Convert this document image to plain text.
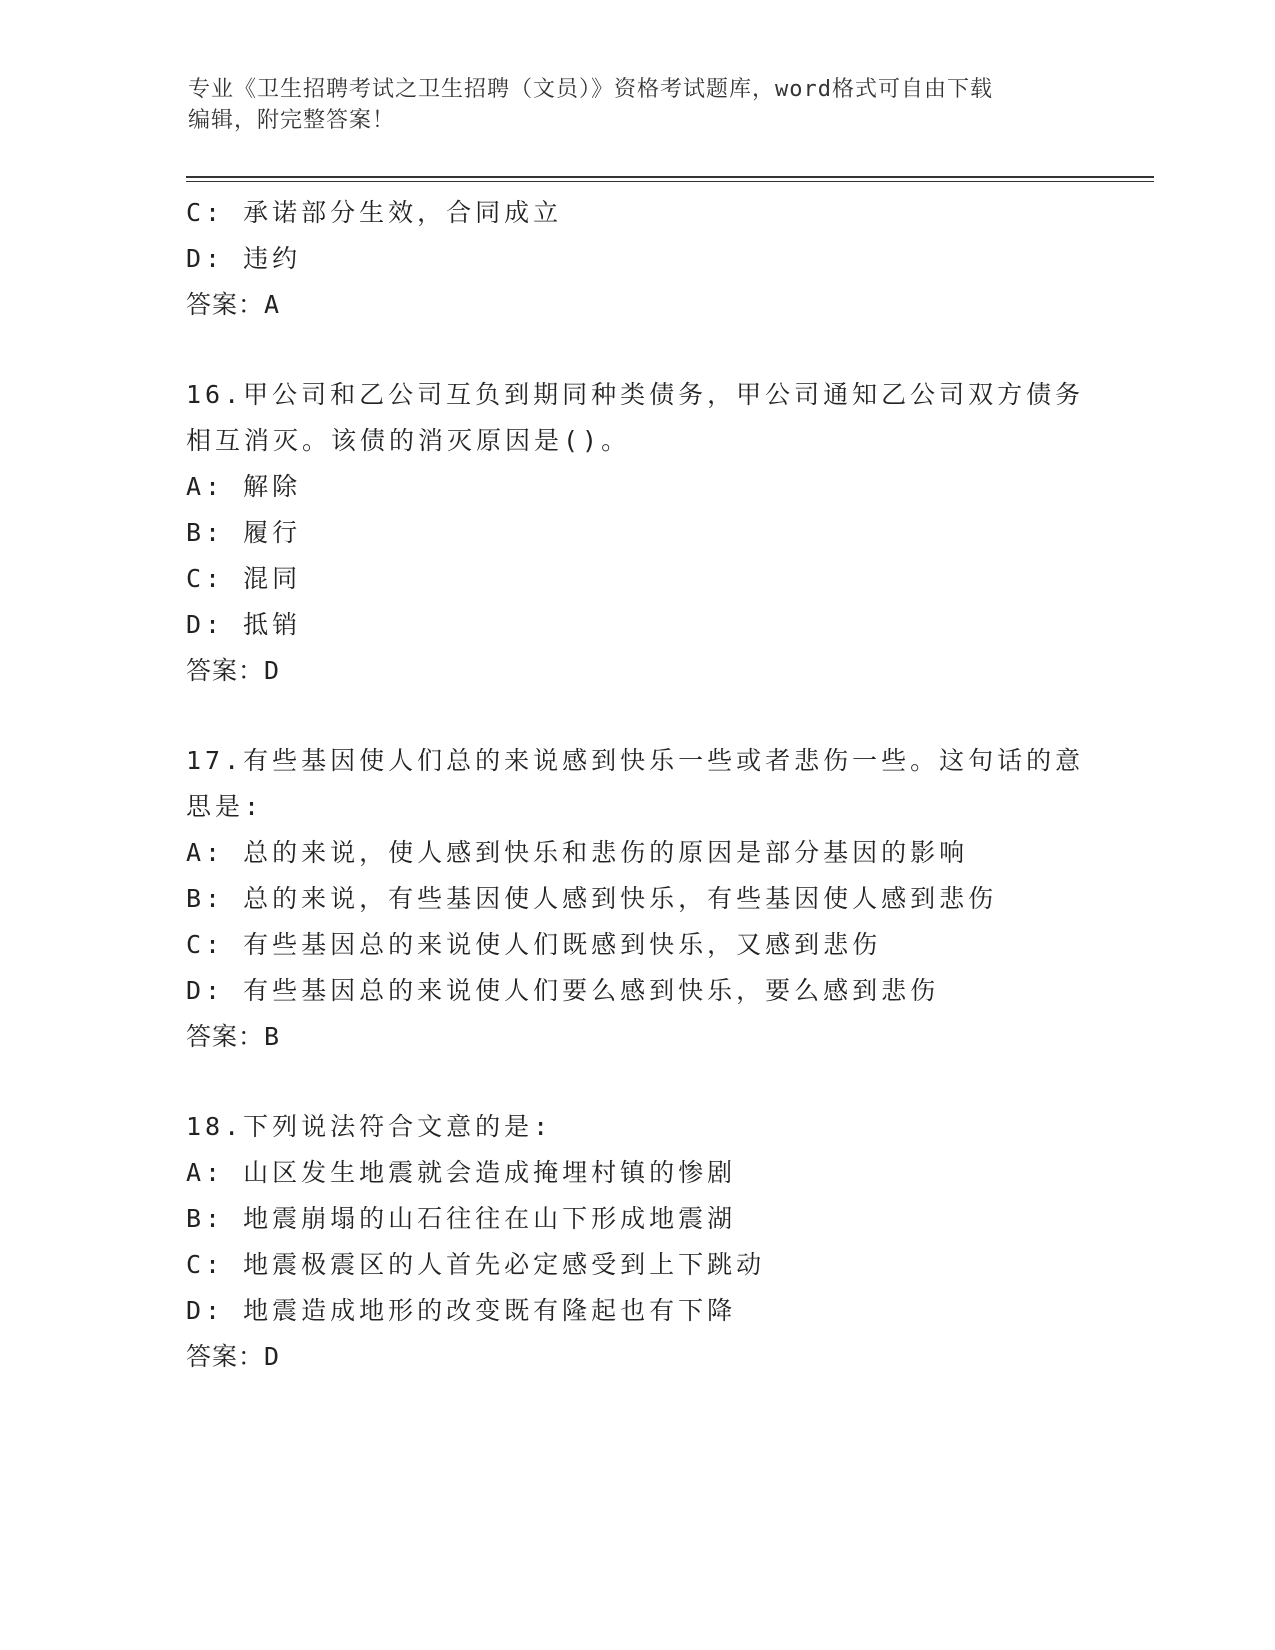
专业《卫生招聘考试之卫生招聘（文员）》资格考试题库，word格式可自由下载
编辑，附完整答案！
C: 承诺部分生效，合同成立
D: 违约
答案：A
16.甲公司和乙公司互负到期同种类债务，甲公司通知乙公司双方债务
相互消灭。该债的消灭原因是()。
A: 解除
B: 履行
C: 混同
D: 抵销
答案：D
17.有些基因使人们总的来说感到快乐一些或者悲伤一些。这句话的意
思是:
A: 总的来说，使人感到快乐和悲伤的原因是部分基因的影响
B: 总的来说，有些基因使人感到快乐，有些基因使人感到悲伤
C: 有些基因总的来说使人们既感到快乐，又感到悲伤
D: 有些基因总的来说使人们要么感到快乐，要么感到悲伤
答案：B
18.下列说法符合文意的是:
A: 山区发生地震就会造成掩埋村镇的惨剧
B: 地震崩塌的山石往往在山下形成地震湖
C: 地震极震区的人首先必定感受到上下跳动
D: 地震造成地形的改变既有隆起也有下降
答案：D
